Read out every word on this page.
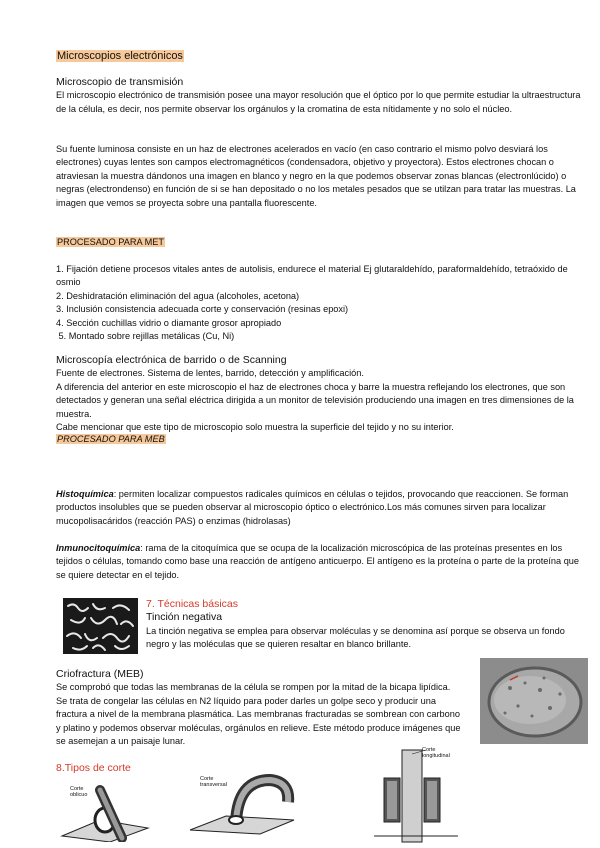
Microscopios electrónicos

Microscopio de transmisión

El microscopio electrónico de transmisión posee una mayor resolución que el óptico por lo que permite estudiar la ultraestructura de la célula, es decir, nos permite observar los orgánulos y la cromatina de esta nítidamente y no solo el núcleo.

Su fuente luminosa consiste en un haz de electrones acelerados en vacío (en caso contrario el mismo polvo desviará los electrones) cuyas lentes son campos electromagnéticos (condensadora, objetivo y proyectora). Estos electrones chocan o atraviesan la muestra dándonos una imagen en blanco y negro en la que podemos observar zonas blancas (electronlúcido) o negras (electrondenso) en función de si se han depositado o no los metales pesados que se utilzan para tratar las muestras. La imagen que vemos se proyecta sobre una pantalla fluorescente.

PROCESADO PARA MET

1. Fijación detiene procesos vitales antes de autolisis, endurece el material Ej glutaraldehído, paraformaldehído, tetraóxido de osmio

2. Deshidratación eliminación del agua (alcoholes, acetona)

3. Inclusión consistencia adecuada corte y conservación (resinas epoxi)

4. Sección cuchillas vidrio o diamante grosor apropiado

5. Montado sobre rejillas metálicas (Cu, Ni)

Microscopía electrónica de barrido o de Scanning

Fuente de electrones. Sistema de lentes, barrido, detección y amplificación.

A diferencia del anterior en este microscopio el haz de electrones choca y barre la muestra reflejando los electrones, que son detectados y generan una señal eléctrica dirigida a un monitor de televisión produciendo una imagen en tres dimensiones de la muestra.

Cabe mencionar que este tipo de microscopio solo muestra la superficie del tejido y no su interior.

PROCESADO PARA MEB

Histoquímica: permiten localizar compuestos radicales químicos en células o tejidos, provocando que reaccionen. Se forman productos insolubles que se pueden observar al microscopio óptico o electrónico.Los más comunes sirven para localizar mucopolisacáridos (reacción PAS) o enzimas (hidrolasas)

Inmunocitoquímica: rama de la citoquímica que se ocupa de la localización microscópica de las proteínas presentes en los tejidos o células, tomando como base una reacción de antígeno anticuerpo. El antígeno es la proteína o parte de la proteína que se quiere detectar en el tejido.

7. Técnicas básicas

Tinción negativa

La tinción negativa se emplea para observar moléculas y se denomina así porque se observa un fondo negro y las moléculas que se quieren resaltar en blanco brillante.

Criofractura (MEB)

Se comprobó que todas las membranas de la célula se rompen por la mitad de la bicapa lipídica. Se trata de congelar las células en N2 líquido para poder darles un golpe seco y producir una fractura a nivel de la membrana plasmática. Las membranas fracturadas se sombrean con carbono y platino y podemos observar moléculas, orgánulos en relieve. Este método produce imágenes que se asemejan a un paisaje lunar.

8.Tipos de corte

Corte oblicuo
Corte transversal
Corte longitudinal
